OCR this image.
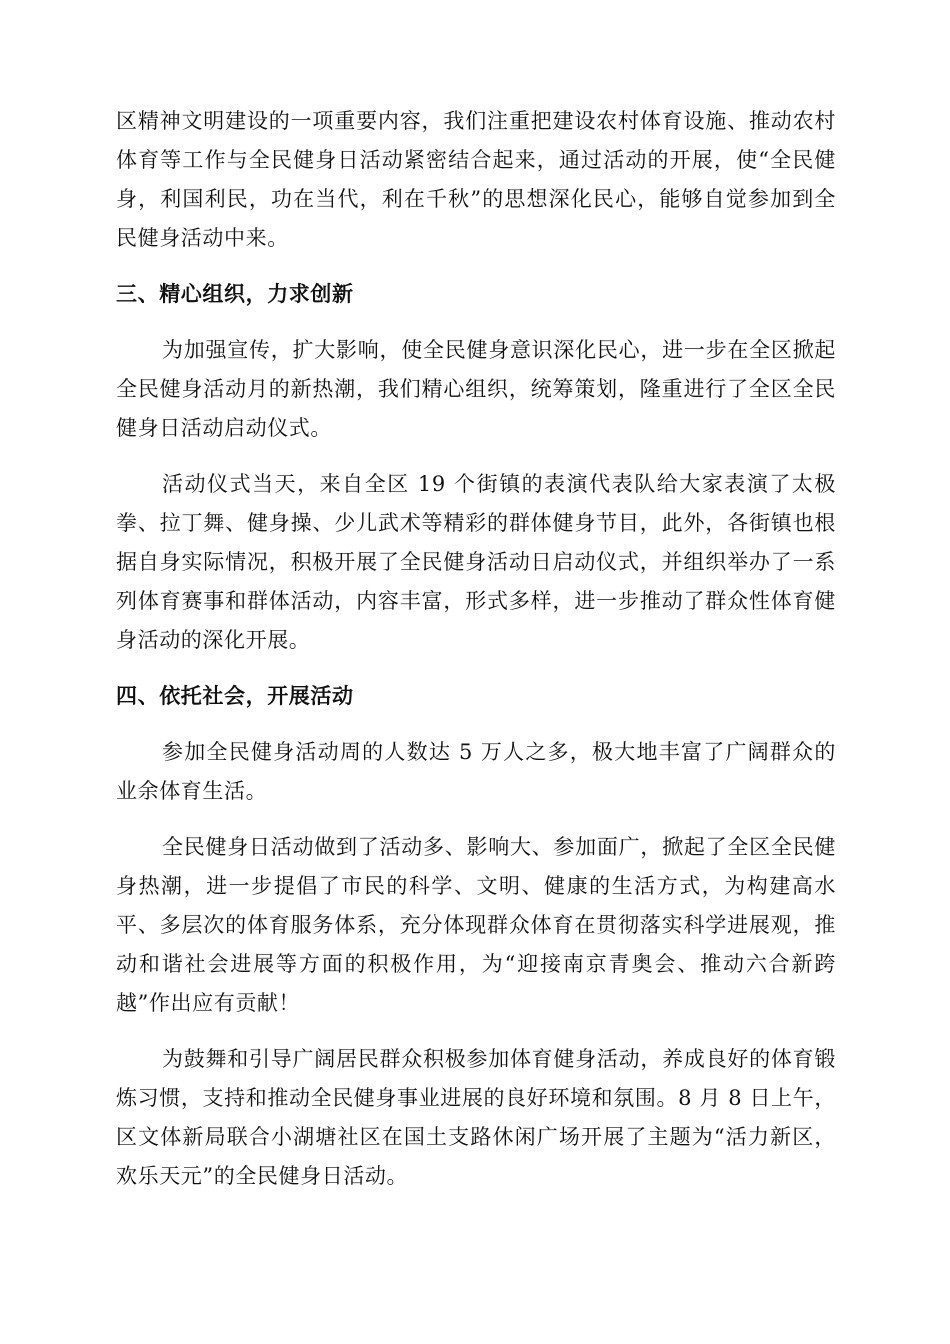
区精神文明建设的一项重要内容，我们注重把建设农村体育设施、推动农村体育等工作与全民健身日活动紧密结合起来，通过活动的开展，使“全民健身，利国利民，功在当代，利在千秋”的思想深化民心，能够自觉参加到全民健身活动中来。

三、精心组织，力求创新

为加强宣传，扩大影响，使全民健身意识深化民心，进一步在全区掀起全民健身活动月的新热潮，我们精心组织，统筹策划，隆重进行了全区全民健身日活动启动仪式。

活动仪式当天，来自全区 19 个街镇的表演代表队给大家表演了太极拳、拉丁舞、健身操、少儿武术等精彩的群体健身节目，此外，各街镇也根据自身实际情况，积极开展了全民健身活动日启动仪式，并组织举办了一系列体育赛事和群体活动，内容丰富，形式多样，进一步推动了群众性体育健身活动的深化开展。

四、依托社会，开展活动

参加全民健身活动周的人数达 5 万人之多，极大地丰富了广阔群众的业余体育生活。

全民健身日活动做到了活动多、影响大、参加面广，掀起了全区全民健身热潮，进一步提倡了市民的科学、文明、健康的生活方式，为构建高水平、多层次的体育服务体系，充分体现群众体育在贯彻落实科学进展观，推动和谐社会进展等方面的积极作用，为“迎接南京青奥会、推动六合新跨越”作出应有贡献！

为鼓舞和引导广阔居民群众积极参加体育健身活动，养成良好的体育锻炼习惯，支持和推动全民健身事业进展的良好环境和氛围。8 月 8 日上午，区文体新局联合小湖塘社区在国土支路休闲广场开展了主题为“活力新区，欢乐天元”的全民健身日活动。
